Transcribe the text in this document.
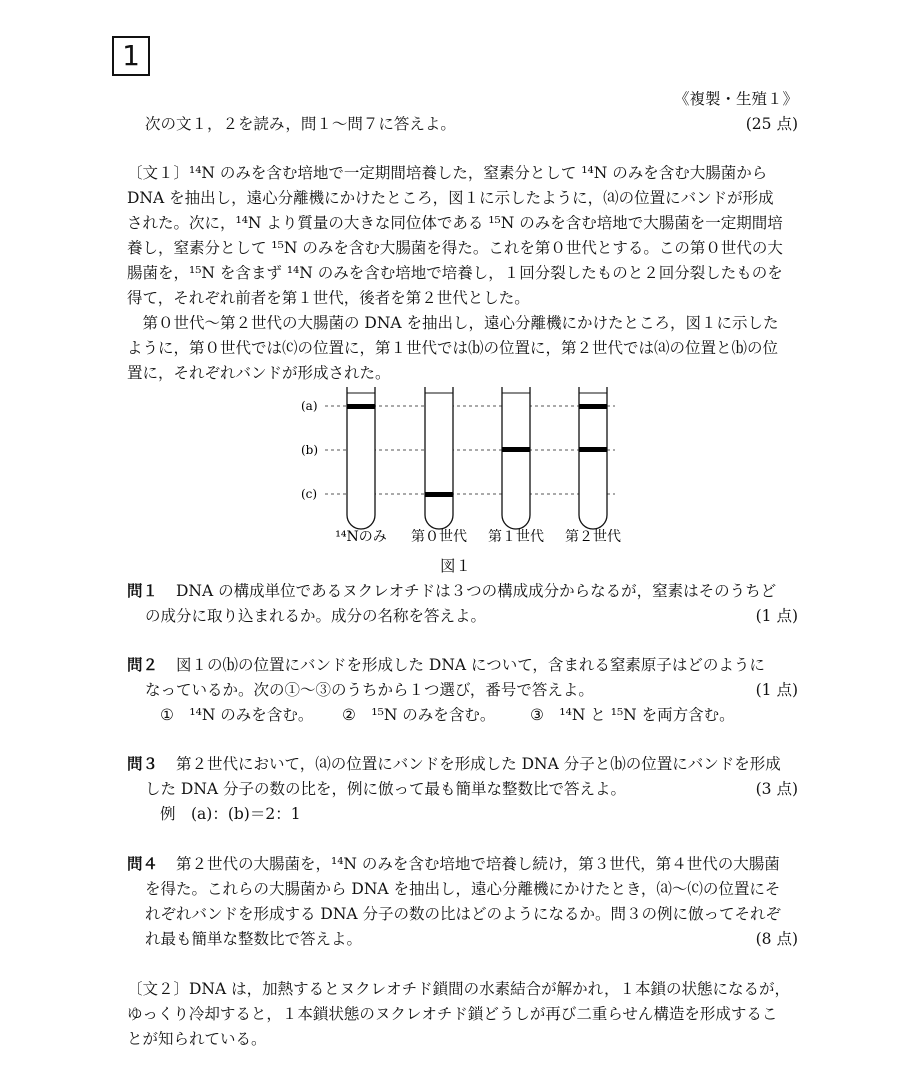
1
《複製・生殖１》
次の文１，２を読み，問１～問７に答えよ。	(25 点)
〔文１〕¹⁴N のみを含む培地で一定期間培養した，窒素分として ¹⁴N のみを含む大腸菌から
DNA を抽出し，遠心分離機にかけたところ，図１に示したように，⒜の位置にバンドが形成
された。次に，¹⁴N より質量の大きな同位体である ¹⁵N のみを含む培地で大腸菌を一定期間培
養し，窒素分として ¹⁵N のみを含む大腸菌を得た。これを第０世代とする。この第０世代の大
腸菌を，¹⁵N を含まず ¹⁴N のみを含む培地で培養し，１回分裂したものと２回分裂したものを
得て，それぞれ前者を第１世代，後者を第２世代とした。
　第０世代～第２世代の大腸菌の DNA を抽出し，遠心分離機にかけたところ，図１に示した
ように，第０世代では⒞の位置に，第１世代では⒝の位置に，第２世代では⒜の位置と⒝の位
置に，それぞれバンドが形成された。
(a)
(b)
(c)
¹⁴Nのみ 第０世代 第１世代 第２世代
図１
問１ DNA の構成単位であるヌクレオチドは３つの構成成分からなるが，窒素はそのうちど
の成分に取り込まれるか。成分の名称を答えよ。	(1 点)
問２ 図１の⒝の位置にバンドを形成した DNA について，含まれる窒素原子はどのように
なっているか。次の①～③のうちから１つ選び，番号で答えよ。	(1 点)
①　¹⁴N のみを含む。 ②　¹⁵N のみを含む。 ③　¹⁴N と ¹⁵N を両方含む。
問３ 第２世代において，⒜の位置にバンドを形成した DNA 分子と⒝の位置にバンドを形成
した DNA 分子の数の比を，例に倣って最も簡単な整数比で答えよ。	(3 点)
例　(a)：(b)＝2：1
問４ 第２世代の大腸菌を，¹⁴N のみを含む培地で培養し続け，第３世代，第４世代の大腸菌
を得た。これらの大腸菌から DNA を抽出し，遠心分離機にかけたとき，⒜～⒞の位置にそ
れぞれバンドを形成する DNA 分子の数の比はどのようになるか。問３の例に倣ってそれぞ
れ最も簡単な整数比で答えよ。	(8 点)
〔文２〕DNA は，加熱するとヌクレオチド鎖間の水素結合が解かれ，１本鎖の状態になるが，
ゆっくり冷却すると，１本鎖状態のヌクレオチド鎖どうしが再び二重らせん構造を形成するこ
とが知られている。
